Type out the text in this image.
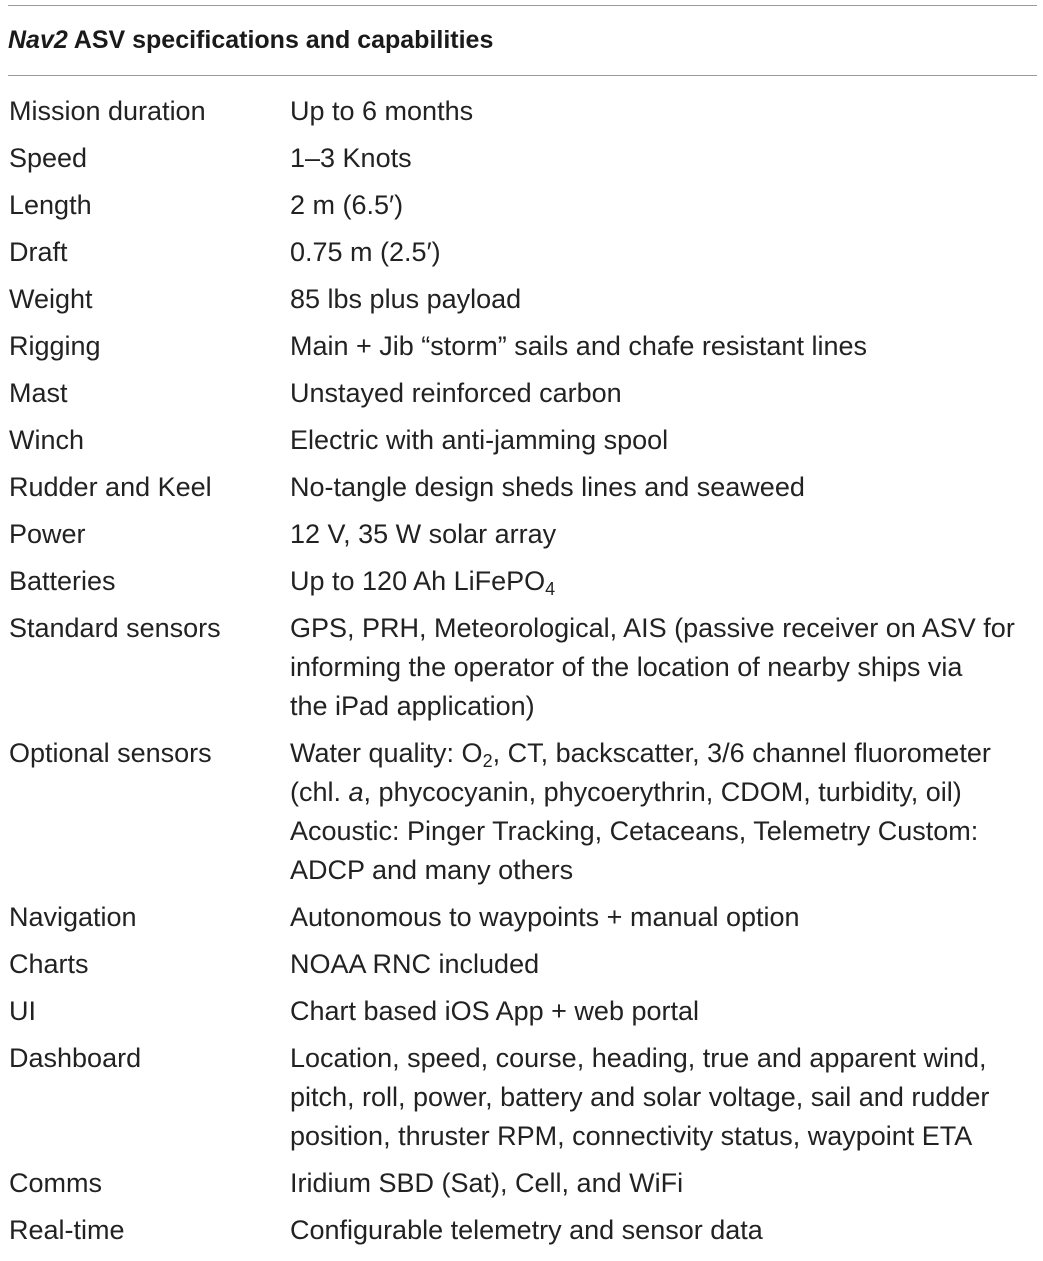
Nav2 ASV specifications and capabilities
Mission duration	Up to 6 months
Speed	1–3 Knots
Length	2 m (6.5′)
Draft	0.75 m (2.5′)
Weight	85 lbs plus payload
Rigging	Main + Jib “storm” sails and chafe resistant lines
Mast	Unstayed reinforced carbon
Winch	Electric with anti-jamming spool
Rudder and Keel	No-tangle design sheds lines and seaweed
Power	12 V, 35 W solar array
Batteries	Up to 120 Ah LiFePO$_4$
Standard sensors	GPS, PRH, Meteorological, AIS (passive receiver on ASV for
informing the operator of the location of nearby ships via
the iPad application)
Optional sensors	Water quality: $O_2$, CT, backscatter, 3/6 channel fluorometer
(chl. a, phycocyanin, phycoerythrin, CDOM, turbidity, oil)
Acoustic: Pinger Tracking, Cetaceans, Telemetry Custom:
ADCP and many others
Navigation	Autonomous to waypoints + manual option
Charts	NOAA RNC included
UI	Chart based iOS App + web portal
Dashboard	Location, speed, course, heading, true and apparent wind,
pitch, roll, power, battery and solar voltage, sail and rudder
position, thruster RPM, connectivity status, waypoint ETA
Comms	Iridium SBD (Sat), Cell, and WiFi
Real-time	Configurable telemetry and sensor data
